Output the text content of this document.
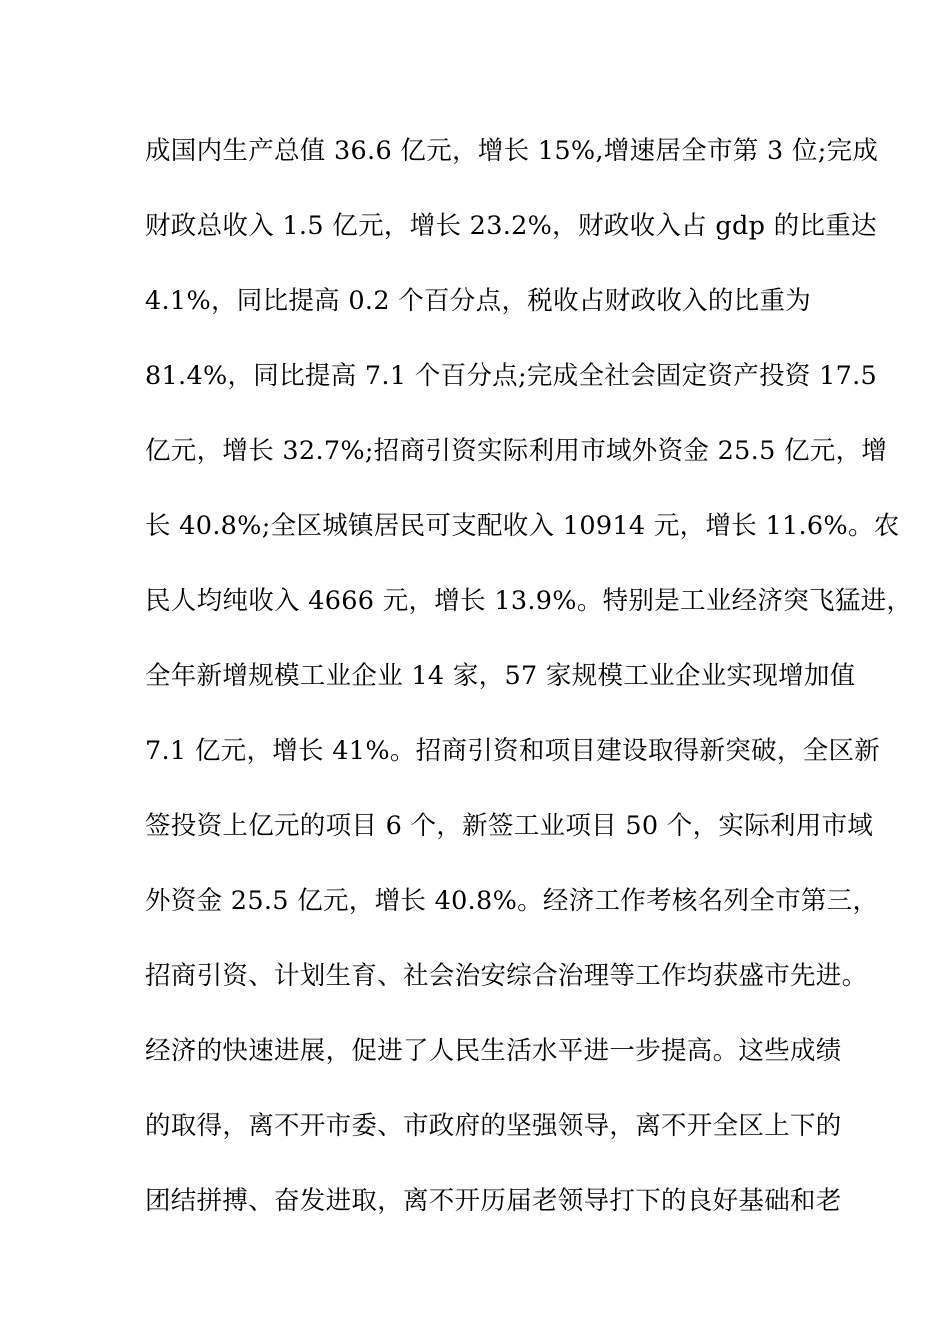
成国内生产总值 36.6 亿元，增长 15%,增速居全市第 3 位;完成
财政总收入 1.5 亿元，增长 23.2%，财政收入占 gdp 的比重达
4.1%，同比提高 0.2 个百分点，税收占财政收入的比重为
81.4%，同比提高 7.1 个百分点;完成全社会固定资产投资 17.5
亿元，增长 32.7%;招商引资实际利用市域外资金 25.5 亿元，增
长 40.8%;全区城镇居民可支配收入 10914 元，增长 11.6%。农
民人均纯收入 4666 元，增长 13.9%。特别是工业经济突飞猛进，
全年新增规模工业企业 14 家，57 家规模工业企业实现增加值
7.1 亿元，增长 41%。招商引资和项目建设取得新突破，全区新
签投资上亿元的项目 6 个，新签工业项目 50 个，实际利用市域
外资金 25.5 亿元，增长 40.8%。经济工作考核名列全市第三，
招商引资、计划生育、社会治安综合治理等工作均获盛市先进。
经济的快速进展，促进了人民生活水平进一步提高。这些成绩
的取得，离不开市委、市政府的坚强领导，离不开全区上下的
团结拼搏、奋发进取，离不开历届老领导打下的良好基础和老
